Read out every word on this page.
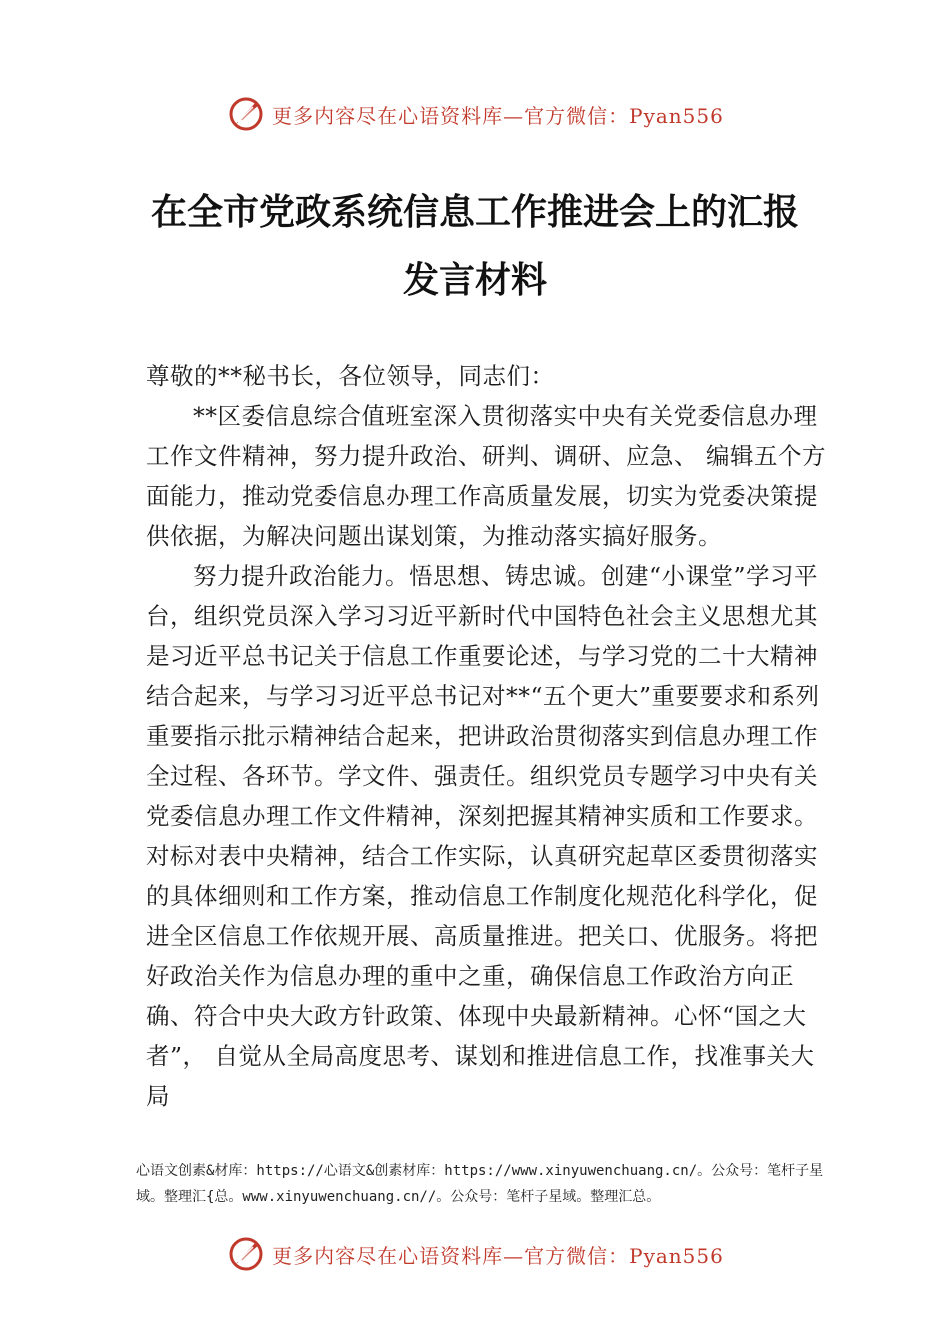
更多内容尽在心语资料库—官方微信：Pyan556
在全市党政系统信息工作推进会上的汇报
发言材料

尊敬的**秘书长，各位领导，同志们：

**区委信息综合值班室深入贯彻落实中央有关党委信息办理工作文件精神，努力提升政治、研判、调研、应急、 编辑五个方面能力，推动党委信息办理工作高质量发展，切实为党委决策提供依据，为解决问题出谋划策，为推动落实搞好服务。

努力提升政治能力。悟思想、铸忠诚。创建“小课堂”学习平台，组织党员深入学习习近平新时代中国特色社会主义思想尤其是习近平总书记关于信息工作重要论述，与学习党的二十大精神结合起来，与学习习近平总书记对**“五个更大”重要要求和系列重要指示批示精神结合起来，把讲政治贯彻落实到信息办理工作全过程、各环节。学文件、强责任。组织党员专题学习中央有关党委信息办理工作文件精神，深刻把握其精神实质和工作要求。对标对表中央精神，结合工作实际，认真研究起草区委贯彻落实的具体细则和工作方案，推动信息工作制度化规范化科学化，促进全区信息工作依规开展、高质量推进。把关口、优服务。将把好政治关作为信息办理的重中之重，确保信息工作政治方向正确、符合中央大政方针政策、体现中央最新精神。心怀“国之大者”， 自觉从全局高度思考、谋划和推进信息工作，找准事关大局

心语文创素&材库：https://心语文&创素材库：https://www.xinyuwenchuang.cn/。公众号：笔杆子星域。整理汇{总。www.xinyuwenchuang.cn//。公众号：笔杆子星域。整理汇总。
更多内容尽在心语资料库—官方微信：Pyan556
